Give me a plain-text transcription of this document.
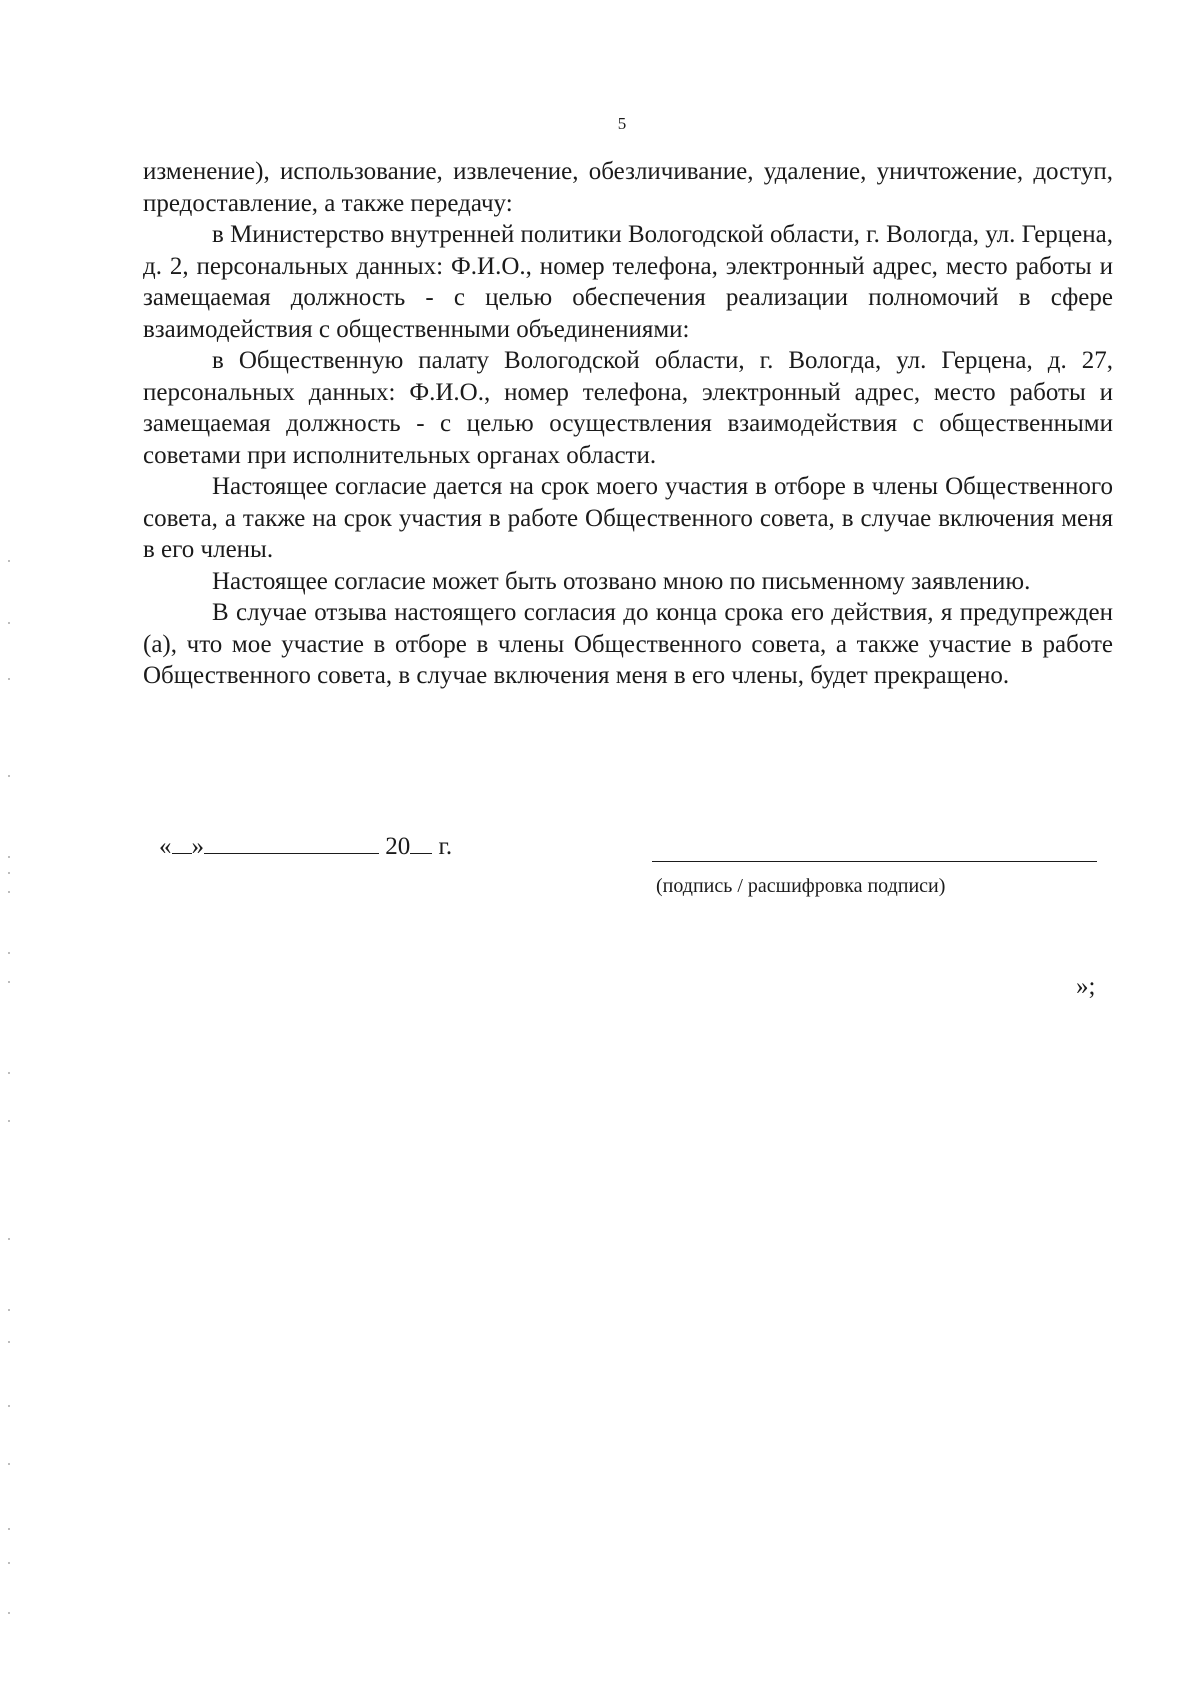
5

изменение), использование, извлечение, обезличивание, удаление, уничтожение, доступ, предоставление, а также передачу:

в Министерство внутренней политики Вологодской области, г. Вологда, ул. Герцена, д. 2, персональных данных: Ф.И.О., номер телефона, электронный адрес, место работы и замещаемая должность - с целью обеспечения реализации полномочий в сфере взаимодействия с общественными объединениями:

в Общественную палату Вологодской области, г. Вологда, ул. Герцена, д. 27, персональных данных: Ф.И.О., номер телефона, электронный адрес, место работы и замещаемая должность - с целью осуществления взаимодействия с общественными советами при исполнительных органах области.

Настоящее согласие дается на срок моего участия в отборе в члены Общественного совета, а также на срок участия в работе Общественного совета, в случае включения меня в его члены.

Настоящее согласие может быть отозвано мною по письменному заявлению.

В случае отзыва настоящего согласия до конца срока его действия, я предупрежден (а), что мое участие в отборе в члены Общественного совета, а также участие в работе Общественного совета, в случае включения меня в его члены, будет прекращено.

« »	20 г.
(подпись / расшифровка подписи)
»;
